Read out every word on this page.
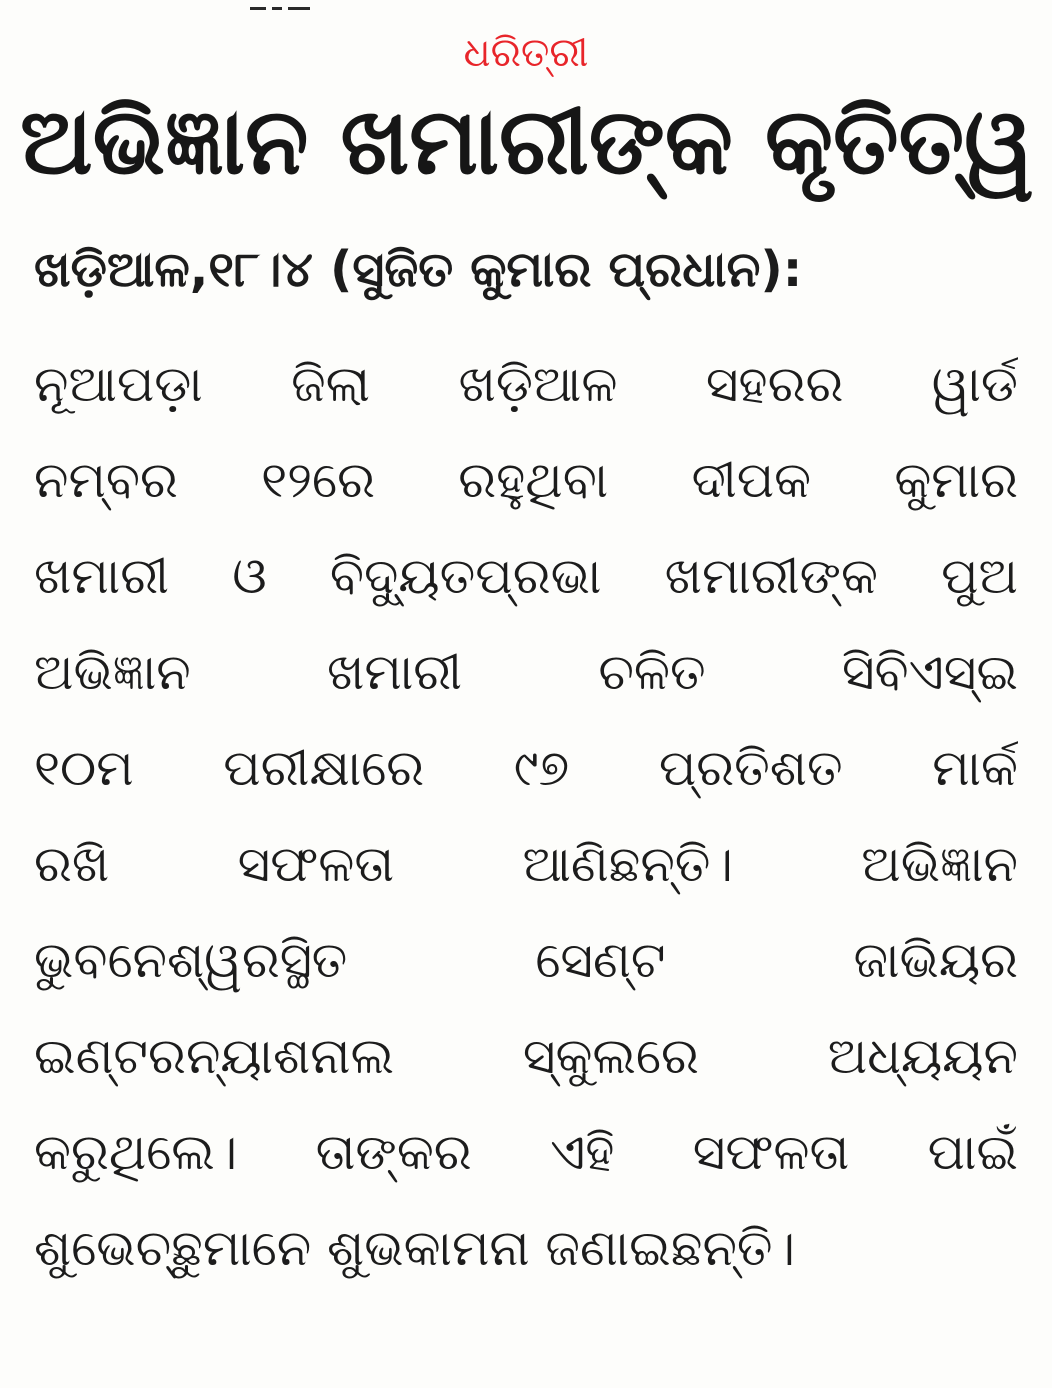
ଧରିତ୍ରୀ
ଅଭିଜ୍ଞାନ ଖମାରୀଙ୍କ କୃତିତ୍ୱ
ଖଡ଼ିଆଳ,୧୮।୪ (ସୁଜିତ କୁମାର ପ୍ରଧାନ):
ନୂଆପଡ଼ା ଜିଲା ଖଡ଼ିଆଳ ସହରର ୱାର୍ଡ
ନମ୍ବର ୧୨ରେ ରହୁଥିବା ଦୀପକ କୁମାର
ଖମାରୀ ଓ ବିଦ୍ୟୁତପ୍ରଭା ଖମାରୀଙ୍କ ପୁଅ
ଅଭିଜ୍ଞାନ ଖମାରୀ ଚଳିତ ସିବିଏସ୍ଇ
୧୦ମ ପରୀକ୍ଷାରେ ୯୭ ପ୍ରତିଶତ ମାର୍କ
ରଖି ସଫଳତା ଆଣିଛନ୍ତି। ଅଭିଜ୍ଞାନ
ଭୁବନେଶ୍ୱରସ୍ଥିତ ସେଣ୍ଟ ଜାଭିୟର
ଇଣ୍ଟରନ୍ୟାଶନାଲ ସ୍କୁଲରେ ଅଧ୍ୟୟନ
କରୁଥିଲେ। ତାଙ୍କର ଏହି ସଫଳତା ପାଇଁ
ଶୁଭେଚ୍ଛୁମାନେ ଶୁଭକାମନା ଜଣାଇଛନ୍ତି।
